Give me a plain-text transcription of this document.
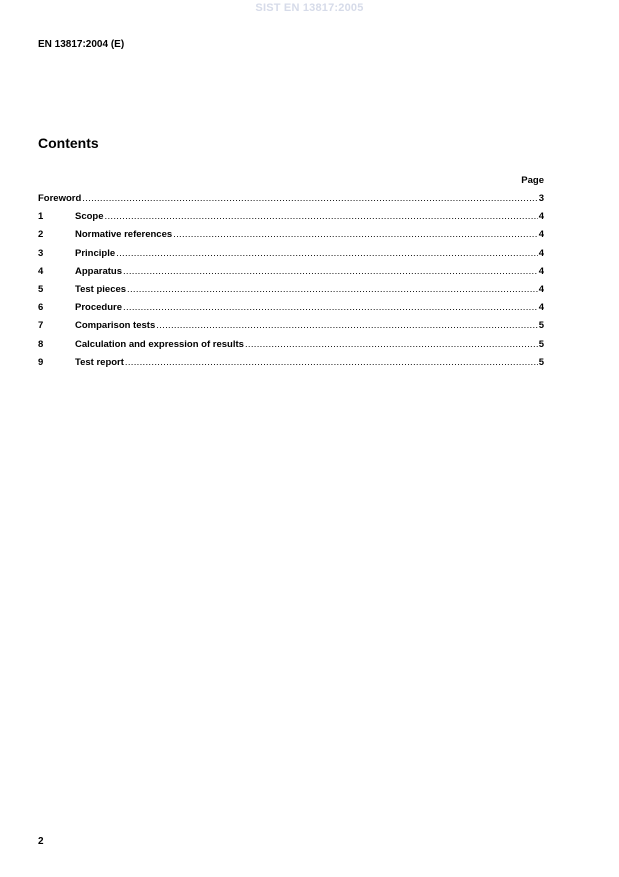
SIST EN 13817:2005
EN 13817:2004 (E)
Contents
Page
Foreword .....	3
1	Scope .....	4
2	Normative references .....	4
3	Principle .....	4
4	Apparatus .....	4
5	Test pieces .....	4
6	Procedure .....	4
7	Comparison tests .....	5
8	Calculation and expression of results .....	5
9	Test report .....	5
2
